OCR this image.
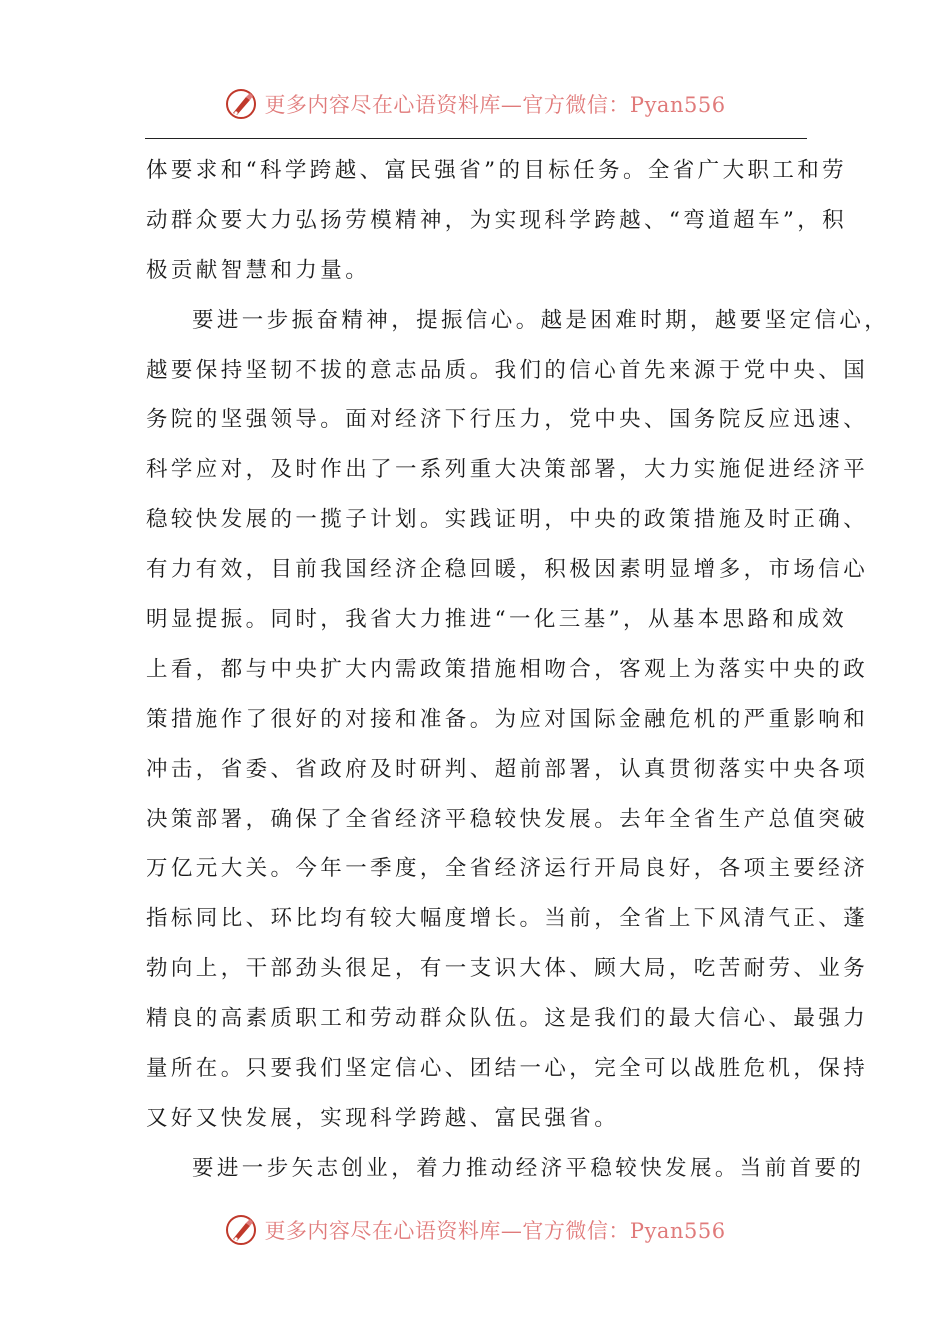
更多内容尽在心语资料库—官方微信：Pyan556
体要求和“科学跨越、富民强省”的目标任务。全省广大职工和劳
动群众要大力弘扬劳模精神，为实现科学跨越、“弯道超车”，积
极贡献智慧和力量。
要进一步振奋精神，提振信心。越是困难时期，越要坚定信心，
越要保持坚韧不拔的意志品质。我们的信心首先来源于党中央、国
务院的坚强领导。面对经济下行压力，党中央、国务院反应迅速、
科学应对，及时作出了一系列重大决策部署，大力实施促进经济平
稳较快发展的一揽子计划。实践证明，中央的政策措施及时正确、
有力有效，目前我国经济企稳回暖，积极因素明显增多，市场信心
明显提振。同时，我省大力推进“一化三基”，从基本思路和成效
上看，都与中央扩大内需政策措施相吻合，客观上为落实中央的政
策措施作了很好的对接和准备。为应对国际金融危机的严重影响和
冲击，省委、省政府及时研判、超前部署，认真贯彻落实中央各项
决策部署，确保了全省经济平稳较快发展。去年全省生产总值突破
万亿元大关。今年一季度，全省经济运行开局良好，各项主要经济
指标同比、环比均有较大幅度增长。当前，全省上下风清气正、蓬
勃向上，干部劲头很足，有一支识大体、顾大局，吃苦耐劳、业务
精良的高素质职工和劳动群众队伍。这是我们的最大信心、最强力
量所在。只要我们坚定信心、团结一心，完全可以战胜危机，保持
又好又快发展，实现科学跨越、富民强省。
要进一步矢志创业，着力推动经济平稳较快发展。当前首要的
更多内容尽在心语资料库—官方微信：Pyan556
